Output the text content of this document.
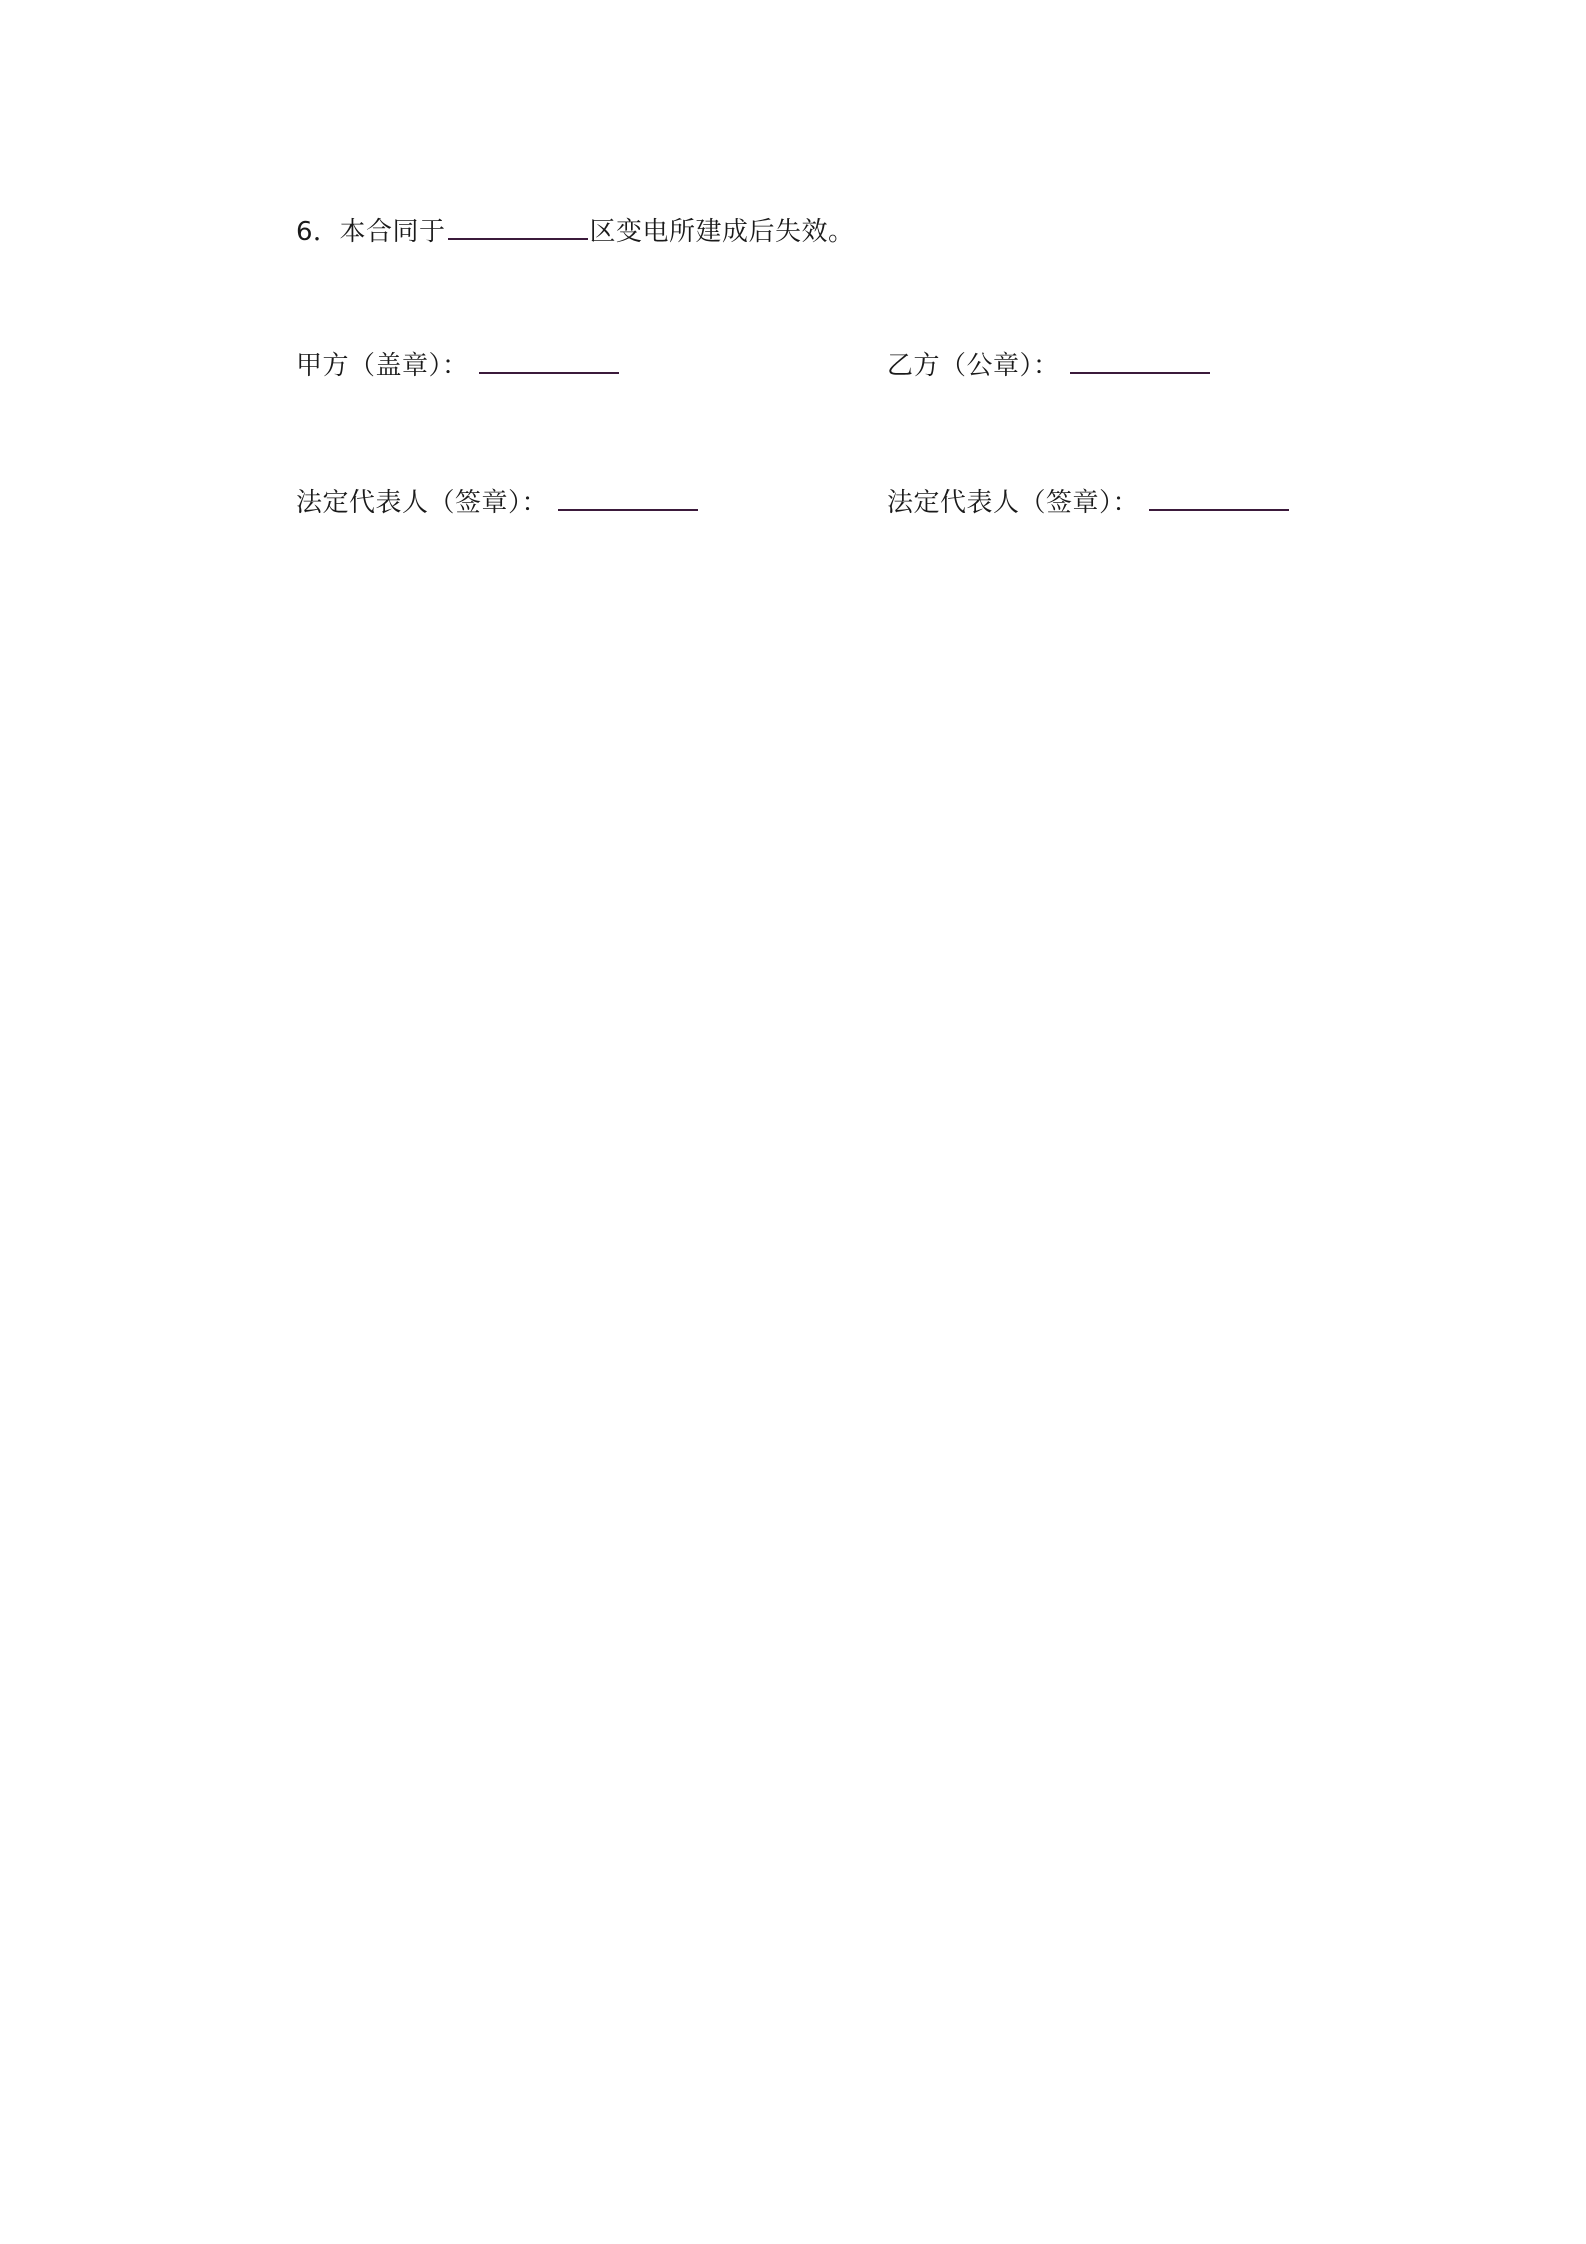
6．本合同于	区变电所建成后失效。
甲方（盖章）：	乙方（公章）：
法定代表人（签章）：	法定代表人（签章）：
